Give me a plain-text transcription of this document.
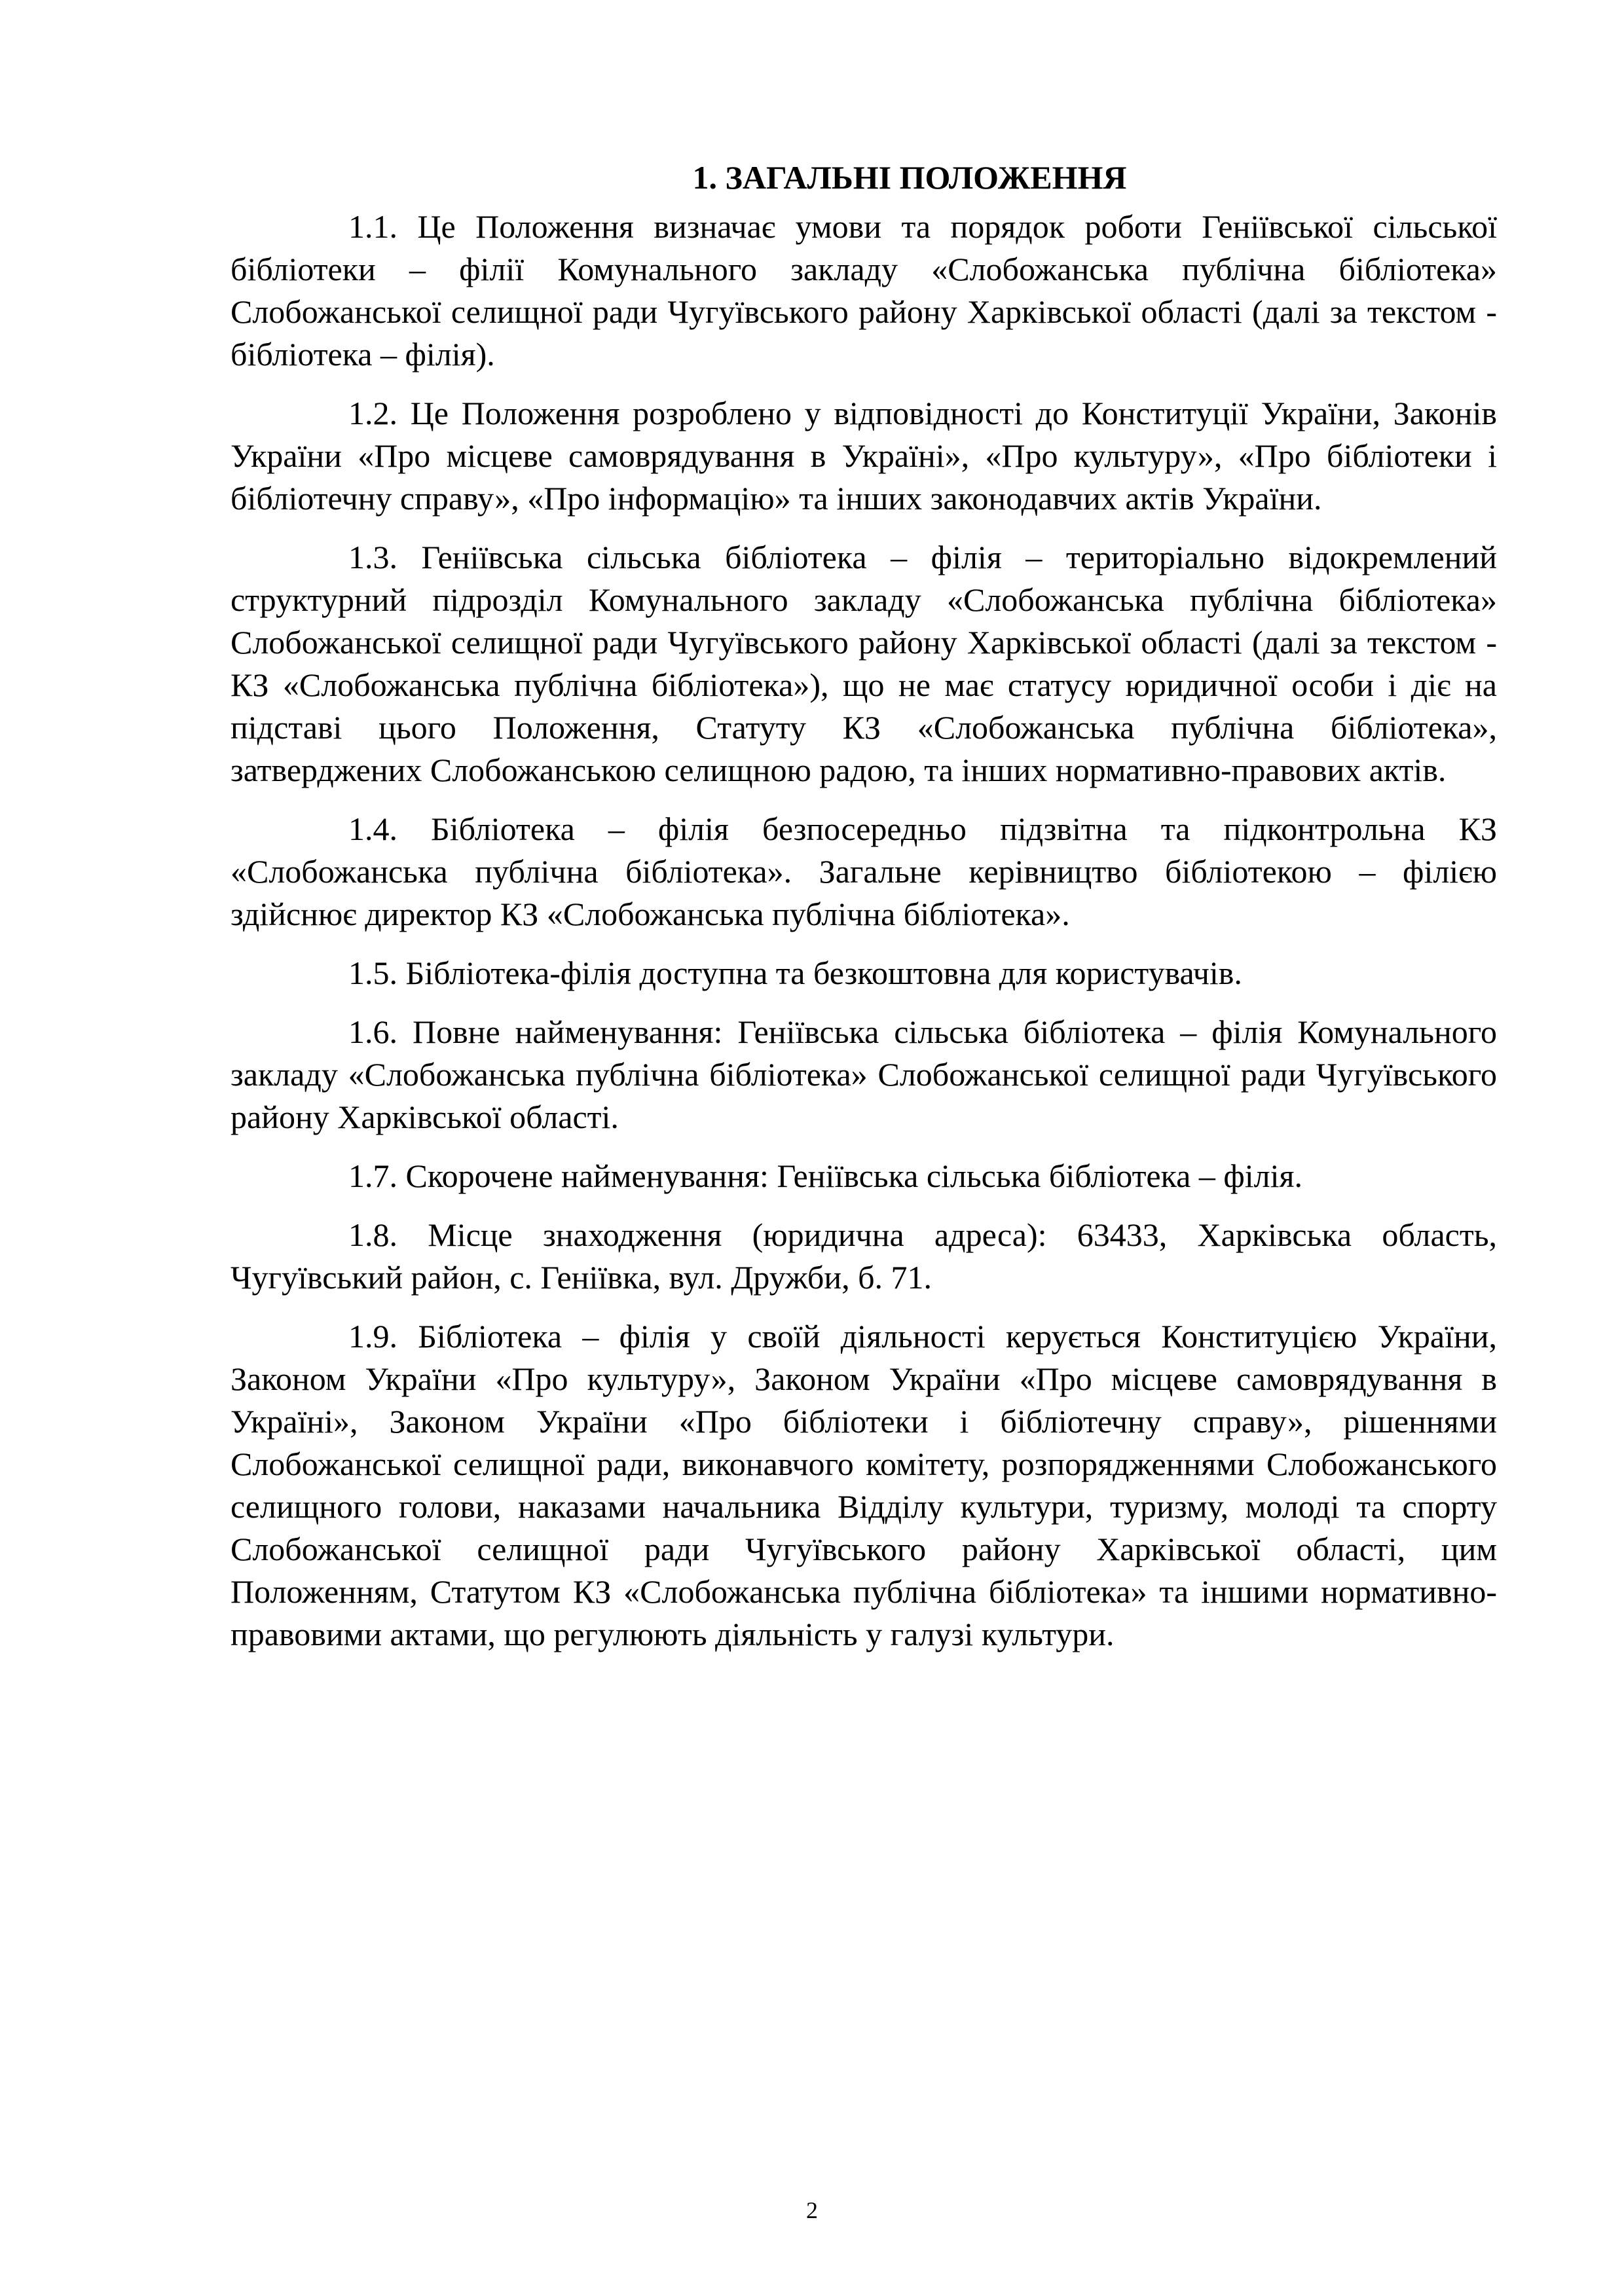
1. ЗАГАЛЬНІ ПОЛОЖЕННЯ

1.1. Це Положення визначає умови та порядок роботи Геніївської сільської бібліотеки – філії Комунального закладу «Слобожанська публічна бібліотека» Слобожанської селищної ради Чугуївського району Харківської області (далі за текстом - бібліотека – філія).

1.2. Це Положення розроблено у відповідності до Конституції України, Законів України «Про місцеве самоврядування в Україні», «Про культуру», «Про бібліотеки і бібліотечну справу», «Про інформацію» та інших законодавчих актів України.

1.3. Геніївська сільська бібліотека – філія – територіально відокремлений структурний підрозділ Комунального закладу «Слобожанська публічна бібліотека» Слобожанської селищної ради Чугуївського району Харківської області (далі за текстом - КЗ «Слобожанська публічна бібліотека»), що не має статусу юридичної особи і діє на підставі цього Положення, Статуту КЗ «Слобожанська публічна бібліотека», затверджених Слобожанською селищною радою, та інших нормативно-правових актів.

1.4. Бібліотека – філія безпосередньо підзвітна та підконтрольна КЗ «Слобожанська публічна бібліотека». Загальне керівництво бібліотекою – філією здійснює директор КЗ «Слобожанська публічна бібліотека».

1.5. Бібліотека-філія доступна та безкоштовна для користувачів.

1.6. Повне найменування: Геніївська сільська бібліотека – філія Комунального закладу «Слобожанська публічна бібліотека» Слобожанської селищної ради Чугуївського району Харківської області.

1.7. Скорочене найменування: Геніївська сільська бібліотека – філія.

1.8. Місце знаходження (юридична адреса): 63433, Харківська область, Чугуївський район, с. Геніївка, вул. Дружби, б. 71.

1.9. Бібліотека – філія у своїй діяльності керується Конституцією України, Законом України «Про культуру», Законом України «Про місцеве самоврядування в Україні», Законом України «Про бібліотеки і бібліотечну справу», рішеннями Слобожанської селищної ради, виконавчого комітету, розпорядженнями Слобожанського селищного голови, наказами начальника Відділу культури, туризму, молоді та спорту Слобожанської селищної ради Чугуївського району Харківської області, цим Положенням, Статутом КЗ «Слобожанська публічна бібліотека» та іншими нормативно-правовими актами, що регулюють діяльність у галузі культури.

2
